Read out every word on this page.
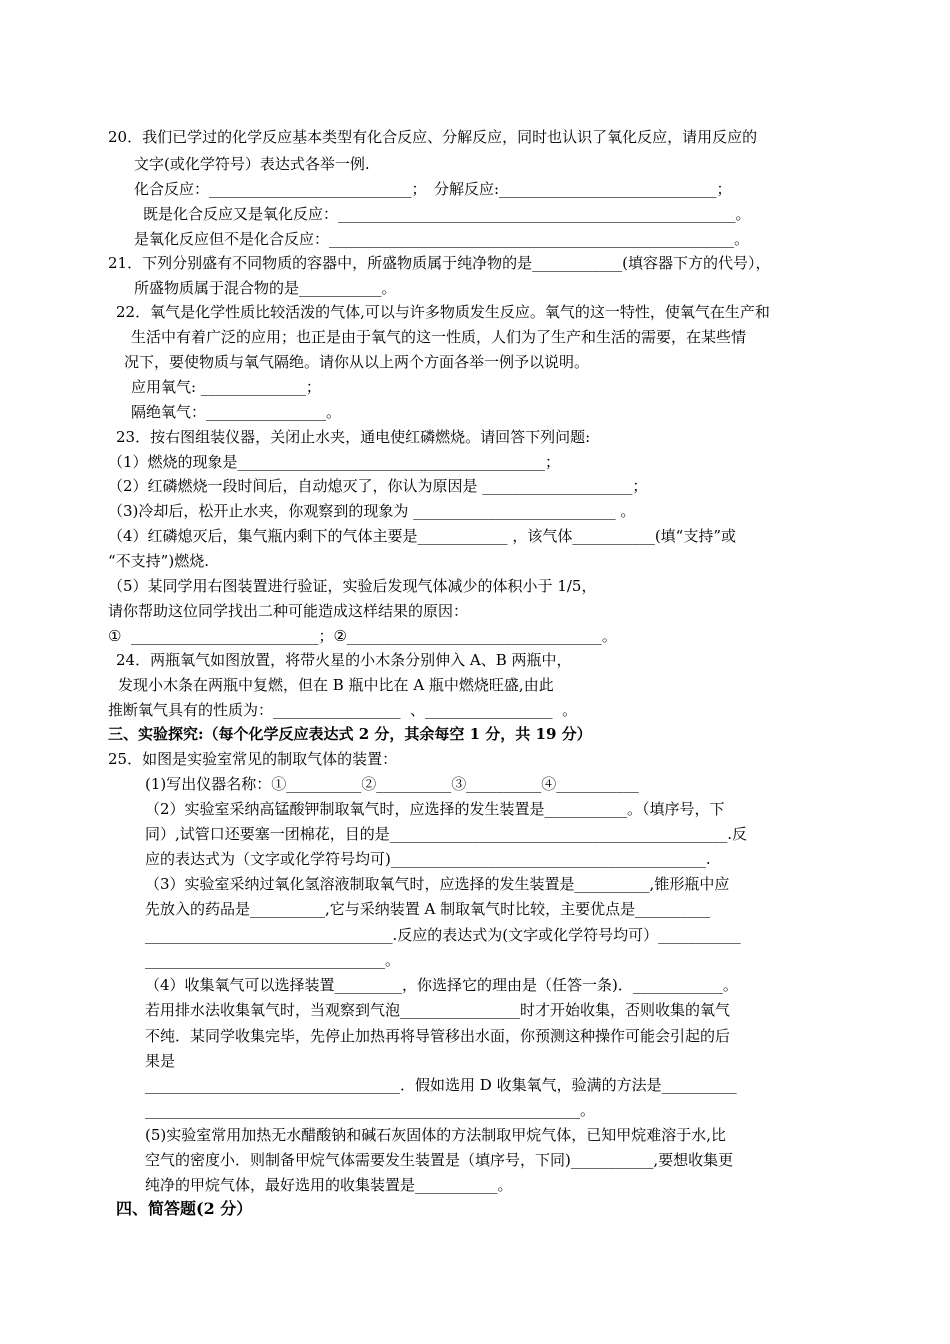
20．我们已学过的化学反应基本类型有化合反应、分解反应，同时也认识了氧化反应，请用反应的
文字(或化学符号）表达式各举一例.
化合反应：___________________________；　分解反应:_____________________________；
既是化合反应又是氧化反应：_____________________________________________________。
是氧化反应但不是化合反应：______________________________________________________。
21．下列分别盛有不同物质的容器中，所盛物质属于纯净物的是____________(填容器下方的代号），
所盛物质属于混合物的是___________。
22．氧气是化学性质比较活泼的气体,可以与许多物质发生反应。氧气的这一特性，使氧气在生产和
生活中有着广泛的应用；也正是由于氧气的这一性质，人们为了生产和生活的需要，在某些情
况下，要使物质与氧气隔绝。请你从以上两个方面各举一例予以说明。
应用氧气: ______________；
隔绝氧气：________________。
23．按右图组装仪器，关闭止水夹，通电使红磷燃烧。请回答下列问题:
（1）燃烧的现象是_________________________________________；
（2）红磷燃烧一段时间后，自动熄灭了，你认为原因是 ____________________；
（3)冷却后，松开止水夹，你观察到的现象为 ___________________________ 。
（4）红磷熄灭后，集气瓶内剩下的气体主要是____________ ，该气体___________(填“支持”或
“不支持”)燃烧.
（5）某同学用右图装置进行验证，实验后发现气体减少的体积小于 1/5，
请你帮助这位同学找出二种可能造成这样结果的原因：
①  _________________________；②__________________________________。
24．两瓶氧气如图放置，将带火星的小木条分别伸入 A、B 两瓶中，
发现小木条在两瓶中复燃，但在 B 瓶中比在 A 瓶中燃烧旺盛,由此
推断氧气具有的性质为：_________________  、_________________  。
三、实验探究:（每个化学反应表达式 2 分，其余每空 1 分，共 19 分）
25．如图是实验室常见的制取气体的装置：
(1)写出仪器名称：①__________②__________③__________④___________
（2）实验室采纳高锰酸钾制取氧气时，应选择的发生装置是___________。（填序号，下
同）,试管口还要塞一团棉花，目的是_____________________________________________.反
应的表达式为（文字或化学符号均可)__________________________________________.
（3）实验室采纳过氧化氢溶液制取氧气时，应选择的发生装置是__________,锥形瓶中应
先放入的药品是__________,它与采纳装置 A 制取氧气时比较，主要优点是__________
_________________________________.反应的表达式为(文字或化学符号均可）___________
________________________________。
（4）收集氧气可以选择装置_________，你选择它的理由是（任答一条)．____________。
若用排水法收集氧气时，当观察到气泡________________时才开始收集，否则收集的氧气
不纯．某同学收集完毕，先停止加热再将导管移出水面，你预测这种操作可能会引起的后
果是
__________________________________．假如选用 D 收集氧气，验满的方法是__________
__________________________________________________________。
(5)实验室常用加热无水醋酸钠和碱石灰固体的方法制取甲烷气体，已知甲烷难溶于水,比
空气的密度小．则制备甲烷气体需要发生装置是（填序号，下同)___________,要想收集更
纯净的甲烷气体，最好选用的收集装置是___________。
四、简答题(2 分）
